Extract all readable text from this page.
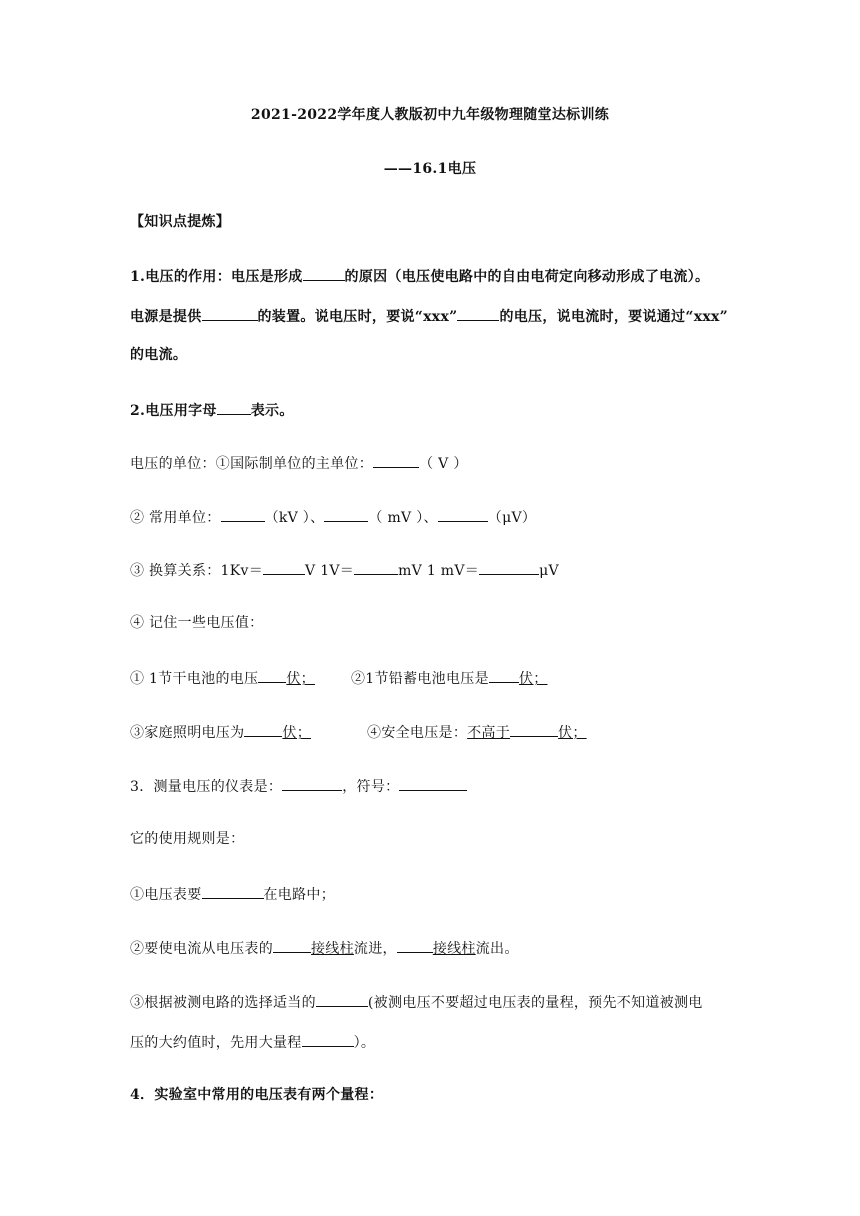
2021-2022学年度人教版初中九年级物理随堂达标训练
——16.1电压
【知识点提炼】
1.电压的作用：电压是形成	的原因（电压使电路中的自由电荷定向移动形成了电流）。
电源是提供	的装置。说电压时，要说“xxx”	的电压，说电流时，要说通过“xxx”
的电流。
2.电压用字母 表示。
电压的单位：①国际制单位的主单位：	（ V ）
② 常用单位：	（kV ）、	（ mV ）、	（μV）
③ 换算关系：1Kv＝	V 1V＝	mV 1 mV＝	μV
④ 记住一些电压值：
① 1节干电池的电压 伏；	②1节铅蓄电池电压是 伏；
③家庭照明电压为	伏；	④安全电压是：不高于	伏；
3．测量电压的仪表是：	，符号：
它的使用规则是：
①电压表要	在电路中；
②要使电流从电压表的	接线柱流进，	接线柱流出。
③根据被测电路的选择适当的	(被测电压不要超过电压表的量程，预先不知道被测电
压的大约值时，先用大量程	）。
4．实验室中常用的电压表有两个量程：
